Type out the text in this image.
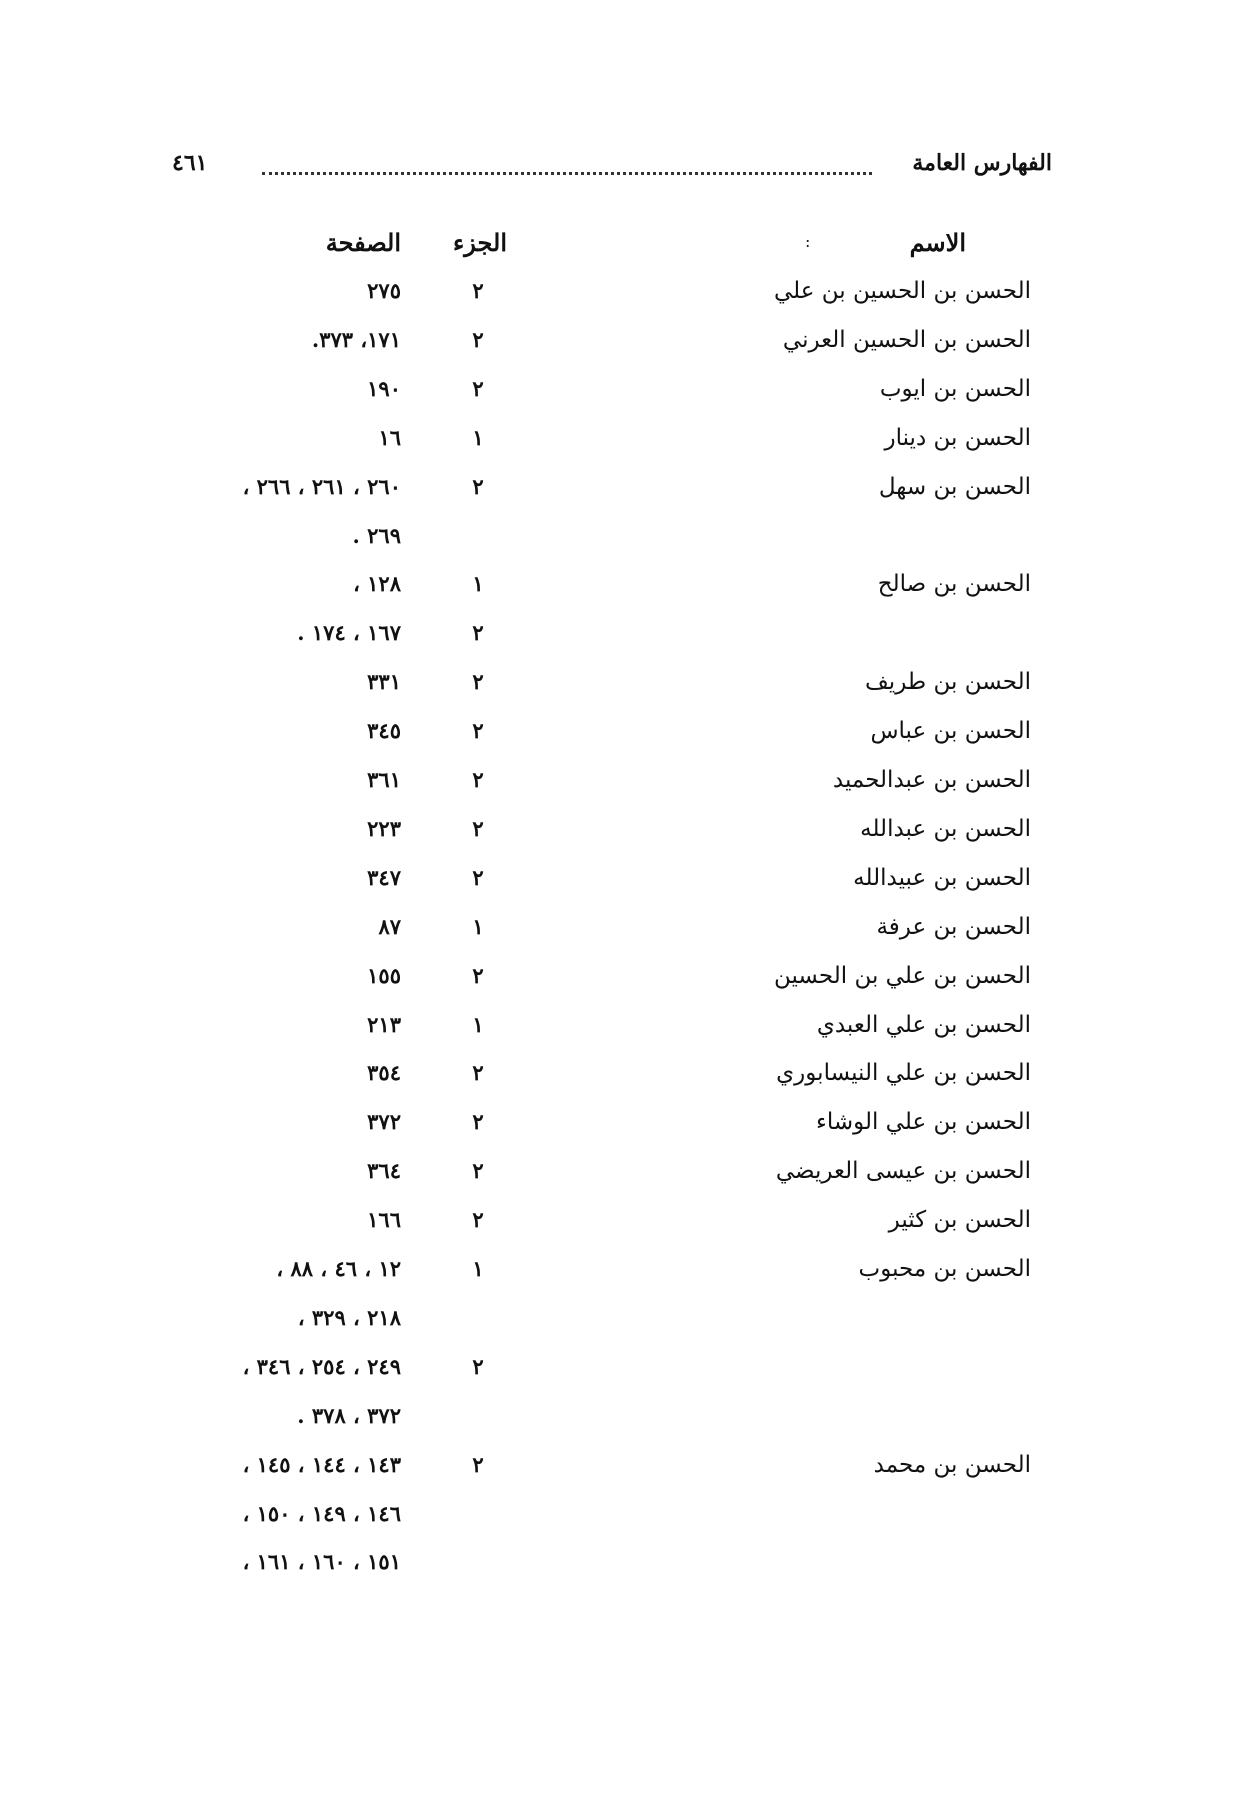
الفهارس العامة
٤٦١
الاسم
:
الجزء
الصفحة
الحسن بن الحسين بن علي
٢
٢٧٥
الحسن بن الحسين العرني
٢
١٧١، ٣٧٣.
الحسن بن ايوب
٢
١٩٠
الحسن بن دينار
١
١٦
الحسن بن سهل
٢
٢٦٠ ، ٢٦١ ، ٢٦٦ ،
٢٦٩ .
الحسن بن صالح
١
١٢٨ ،
٢
١٦٧ ، ١٧٤ .
الحسن بن طريف
٢
٣٣١
الحسن بن عباس
٢
٣٤٥
الحسن بن عبدالحميد
٢
٣٦١
الحسن بن عبدالله
٢
٢٢٣
الحسن بن عبيدالله
٢
٣٤٧
الحسن بن عرفة
١
٨٧
الحسن بن علي بن الحسين
٢
١٥٥
الحسن بن علي العبدي
١
٢١٣
الحسن بن علي النيسابوري
٢
٣٥٤
الحسن بن علي الوشاء
٢
٣٧٢
الحسن بن عيسى العريضي
٢
٣٦٤
الحسن بن كثير
٢
١٦٦
الحسن بن محبوب
١
١٢ ، ٤٦ ، ٨٨ ،
٢١٨ ، ٣٢٩ ،
٢
٢٤٩ ، ٢٥٤ ، ٣٤٦ ،
٣٧٢ ، ٣٧٨ .
الحسن بن محمد
٢
١٤٣ ، ١٤٤ ، ١٤٥ ،
١٤٦ ، ١٤٩ ، ١٥٠ ،
١٥١ ، ١٦٠ ، ١٦١ ،
